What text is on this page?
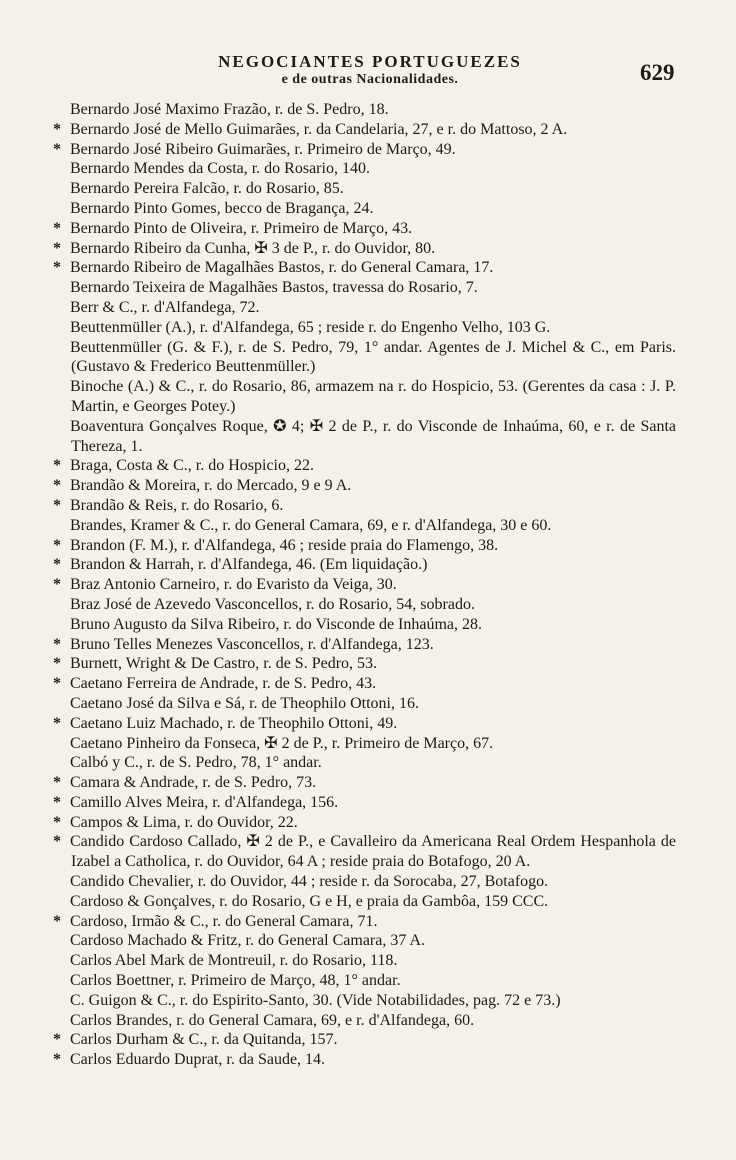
NEGOCIANTES PORTUGUEZES
e de outras Nacionalidades.	629

Bernardo José Maximo Frazão, r. de S. Pedro, 18.

* Bernardo José de Mello Guimarães, r. da Candelaria, 27, e r. do Mattoso, 2 A.

* Bernardo José Ribeiro Guimarães, r. Primeiro de Março, 49.

Bernardo Mendes da Costa, r. do Rosario, 140.

Bernardo Pereira Falcão, r. do Rosario, 85.

Bernardo Pinto Gomes, becco de Bragança, 24.

* Bernardo Pinto de Oliveira, r. Primeiro de Março, 43.

* Bernardo Ribeiro da Cunha, ✠ 3 de P., r. do Ouvidor, 80.

* Bernardo Ribeiro de Magalhães Bastos, r. do General Camara, 17.

Bernardo Teixeira de Magalhães Bastos, travessa do Rosario, 7.

Berr & C., r. d'Alfandega, 72.

Beuttenmüller (A.), r. d'Alfandega, 65 ; reside r. do Engenho Velho, 103 G.

Beuttenmüller (G. & F.), r. de S. Pedro, 79, 1° andar. Agentes de J. Michel & C., em Paris. (Gustavo & Frederico Beuttenmüller.)

Binoche (A.) & C., r. do Rosario, 86, armazem na r. do Hospicio, 53. (Gerentes da casa : J. P. Martin, e Georges Potey.)

Boaventura Gonçalves Roque, ✪ 4; ✠ 2 de P., r. do Visconde de Inhaúma, 60, e r. de Santa Thereza, 1.

* Braga, Costa & C., r. do Hospicio, 22.

* Brandão & Moreira, r. do Mercado, 9 e 9 A.

* Brandão & Reis, r. do Rosario, 6.

Brandes, Kramer & C., r. do General Camara, 69, e r. d'Alfandega, 30 e 60.

* Brandon (F. M.), r. d'Alfandega, 46 ; reside praia do Flamengo, 38.

* Brandon & Harrah, r. d'Alfandega, 46. (Em liquidação.)

* Braz Antonio Carneiro, r. do Evaristo da Veiga, 30.

Braz José de Azevedo Vasconcellos, r. do Rosario, 54, sobrado.

Bruno Augusto da Silva Ribeiro, r. do Visconde de Inhaúma, 28.

* Bruno Telles Menezes Vasconcellos, r. d'Alfandega, 123.

* Burnett, Wright & De Castro, r. de S. Pedro, 53.

* Caetano Ferreira de Andrade, r. de S. Pedro, 43.

Caetano José da Silva e Sá, r. de Theophilo Ottoni, 16.

* Caetano Luiz Machado, r. de Theophilo Ottoni, 49.

Caetano Pinheiro da Fonseca, ✠ 2 de P., r. Primeiro de Março, 67.

Calbó y C., r. de S. Pedro, 78, 1° andar.

* Camara & Andrade, r. de S. Pedro, 73.

* Camillo Alves Meira, r. d'Alfandega, 156.

* Campos & Lima, r. do Ouvidor, 22.

* Candido Cardoso Callado, ✠ 2 de P., e Cavalleiro da Americana Real Ordem Hespanhola de Izabel a Catholica, r. do Ouvidor, 64 A ; reside praia do Botafogo, 20 A.

Candido Chevalier, r. do Ouvidor, 44 ; reside r. da Sorocaba, 27, Botafogo.

Cardoso & Gonçalves, r. do Rosario, G e H, e praia da Gambôa, 159 CCC.

* Cardoso, Irmão & C., r. do General Camara, 71.

Cardoso Machado & Fritz, r. do General Camara, 37 A.

Carlos Abel Mark de Montreuil, r. do Rosario, 118.

Carlos Boettner, r. Primeiro de Março, 48, 1° andar.

C. Guigon & C., r. do Espirito-Santo, 30. (Vide Notabilidades, pag. 72 e 73.)

Carlos Brandes, r. do General Camara, 69, e r. d'Alfandega, 60.

* Carlos Durham & C., r. da Quitanda, 157.

* Carlos Eduardo Duprat, r. da Saude, 14.
